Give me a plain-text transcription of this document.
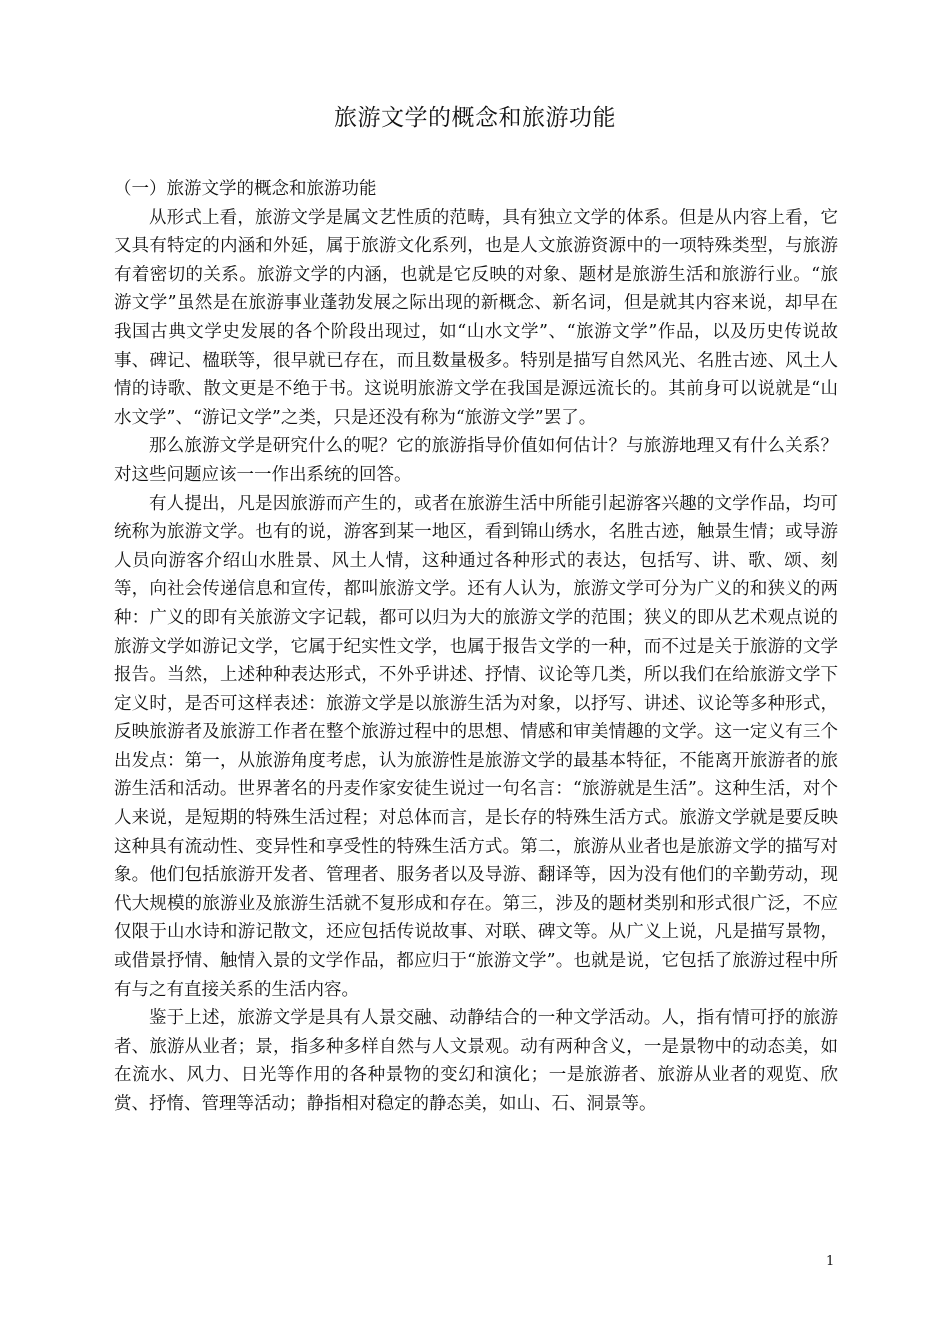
旅游文学的概念和旅游功能

（一）旅游文学的概念和旅游功能

从形式上看，旅游文学是属文艺性质的范畴，具有独立文学的体系。但是从内容上看，它又具有特定的内涵和外延，属于旅游文化系列，也是人文旅游资源中的一项特殊类型，与旅游有着密切的关系。旅游文学的内涵，也就是它反映的对象、题材是旅游生活和旅游行业。“旅游文学”虽然是在旅游事业蓬勃发展之际出现的新概念、新名词，但是就其内容来说，却早在我国古典文学史发展的各个阶段出现过，如“山水文学”、“旅游文学”作品，以及历史传说故事、碑记、楹联等，很早就已存在，而且数量极多。特别是描写自然风光、名胜古迹、风土人情的诗歌、散文更是不绝于书。这说明旅游文学在我国是源远流长的。其前身可以说就是“山水文学”、“游记文学”之类，只是还没有称为“旅游文学”罢了。

那么旅游文学是研究什么的呢？它的旅游指导价值如何估计？与旅游地理又有什么关系？对这些问题应该一一作出系统的回答。

有人提出，凡是因旅游而产生的，或者在旅游生活中所能引起游客兴趣的文学作品，均可统称为旅游文学。也有的说，游客到某一地区，看到锦山绣水，名胜古迹，触景生情；或导游人员向游客介绍山水胜景、风土人情，这种通过各种形式的表达，包括写、讲、歌、颂、刻等，向社会传递信息和宣传，都叫旅游文学。还有人认为，旅游文学可分为广义的和狭义的两种：广义的即有关旅游文字记载，都可以归为大的旅游文学的范围；狭义的即从艺术观点说的旅游文学如游记文学，它属于纪实性文学，也属于报告文学的一种，而不过是关于旅游的文学报告。当然，上述种种表达形式，不外乎讲述、抒情、议论等几类，所以我们在给旅游文学下定义时，是否可这样表述：旅游文学是以旅游生活为对象，以抒写、讲述、议论等多种形式，反映旅游者及旅游工作者在整个旅游过程中的思想、情感和审美情趣的文学。这一定义有三个出发点：第一，从旅游角度考虑，认为旅游性是旅游文学的最基本特征，不能离开旅游者的旅游生活和活动。世界著名的丹麦作家安徒生说过一句名言：“旅游就是生活”。这种生活，对个人来说，是短期的特殊生活过程；对总体而言，是长存的特殊生活方式。旅游文学就是要反映这种具有流动性、变异性和享受性的特殊生活方式。第二，旅游从业者也是旅游文学的描写对象。他们包括旅游开发者、管理者、服务者以及导游、翻译等，因为没有他们的辛勤劳动，现代大规模的旅游业及旅游生活就不复形成和存在。第三，涉及的题材类别和形式很广泛，不应仅限于山水诗和游记散文，还应包括传说故事、对联、碑文等。从广义上说，凡是描写景物，或借景抒情、触情入景的文学作品，都应归于“旅游文学”。也就是说，它包括了旅游过程中所有与之有直接关系的生活内容。

鉴于上述，旅游文学是具有人景交融、动静结合的一种文学活动。人，指有情可抒的旅游者、旅游从业者；景，指多种多样自然与人文景观。动有两种含义，一是景物中的动态美，如在流水、风力、日光等作用的各种景物的变幻和演化；一是旅游者、旅游从业者的观览、欣赏、抒惰、管理等活动；静指相对稳定的静态美，如山、石、洞景等。

1
